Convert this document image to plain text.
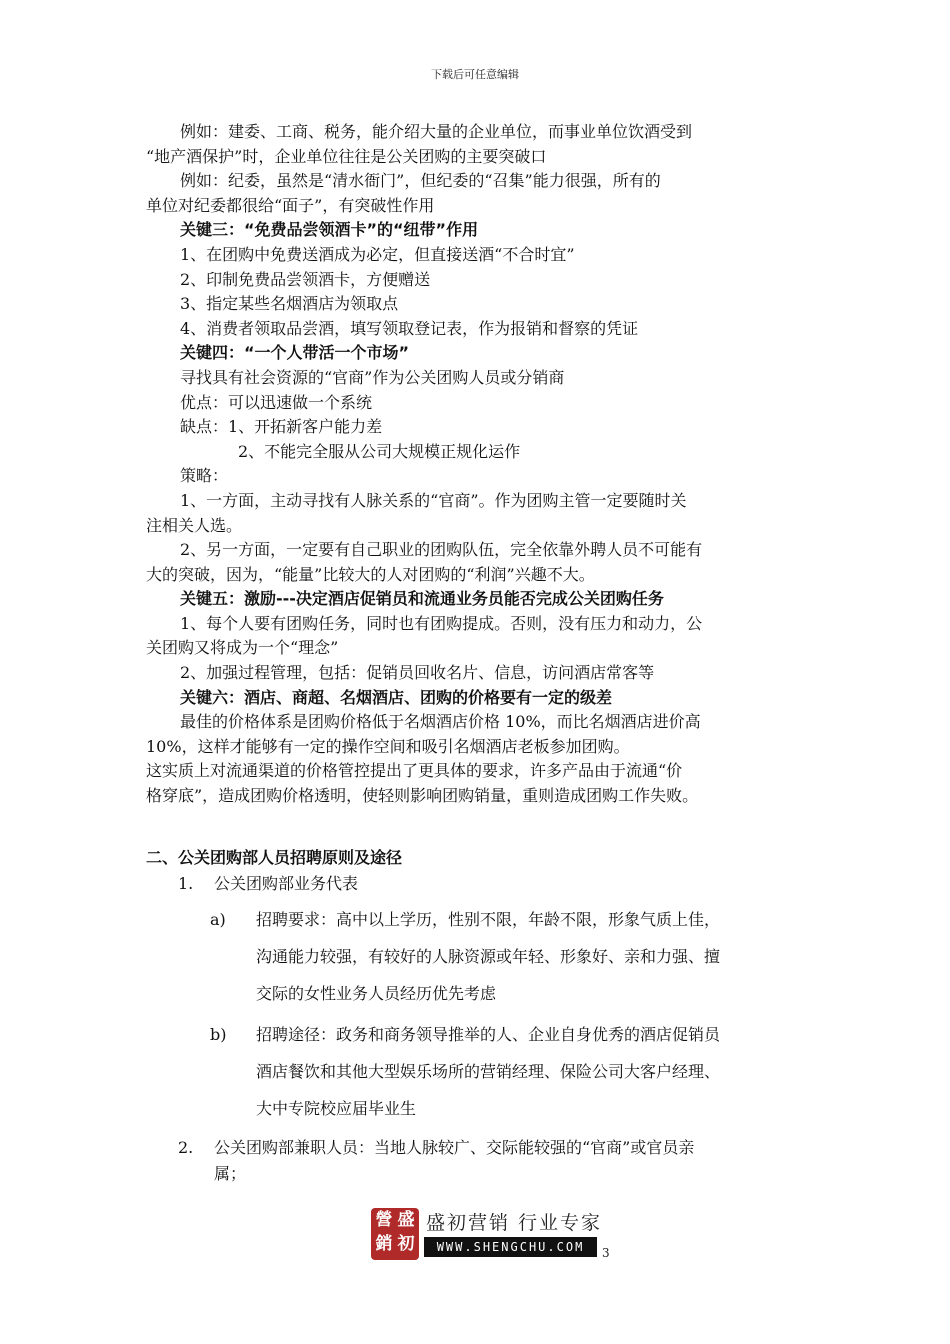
下载后可任意编辑
例如：建委、工商、税务，能介绍大量的企业单位，而事业单位饮酒受到
“地产酒保护”时，企业单位往往是公关团购的主要突破口
例如：纪委，虽然是“清水衙门”，但纪委的“召集”能力很强，所有的
单位对纪委都很给“面子”，有突破性作用
关键三：“免费品尝领酒卡”的“纽带”作用
1、在团购中免费送酒成为必定，但直接送酒“不合时宜”
2、印制免费品尝领酒卡，方便赠送
3、指定某些名烟酒店为领取点
4、消费者领取品尝酒，填写领取登记表，作为报销和督察的凭证
关键四：“一个人带活一个市场”
寻找具有社会资源的“官商”作为公关团购人员或分销商
优点：可以迅速做一个系统
缺点：1、开拓新客户能力差
2、不能完全服从公司大规模正规化运作
策略：
1、一方面，主动寻找有人脉关系的“官商”。作为团购主管一定要随时关
注相关人选。
2、另一方面，一定要有自己职业的团购队伍，完全依靠外聘人员不可能有
大的突破，因为，“能量”比较大的人对团购的“利润”兴趣不大。
关键五：激励---决定酒店促销员和流通业务员能否完成公关团购任务
1、每个人要有团购任务，同时也有团购提成。否则，没有压力和动力，公
关团购又将成为一个“理念”
2、加强过程管理，包括：促销员回收名片、信息，访问酒店常客等
关键六：酒店、商超、名烟酒店、团购的价格要有一定的级差
最佳的价格体系是团购价格低于名烟酒店价格 10%，而比名烟酒店进价高
10%，这样才能够有一定的操作空间和吸引名烟酒店老板参加团购。
这实质上对流通渠道的价格管控提出了更具体的要求，许多产品由于流通“价
格穿底”，造成团购价格透明，使轻则影响团购销量，重则造成团购工作失败。
二、公关团购部人员招聘原则及途径
1. 公关团购部业务代表
a) 招聘要求：高中以上学历，性别不限，年龄不限，形象气质上佳，
沟通能力较强，有较好的人脉资源或年轻、形象好、亲和力强、擅
交际的女性业务人员经历优先考虑
b) 招聘途径：政务和商务领导推举的人、企业自身优秀的酒店促销员
酒店餐饮和其他大型娱乐场所的营销经理、保险公司大客户经理、
大中专院校应届毕业生
2. 公关团购部兼职人员：当地人脉较广、交际能较强的“官商”或官员亲
属；
營 盛
銷 初
盛初营销 行业专家
WWW.SHENGCHU.COM	3
